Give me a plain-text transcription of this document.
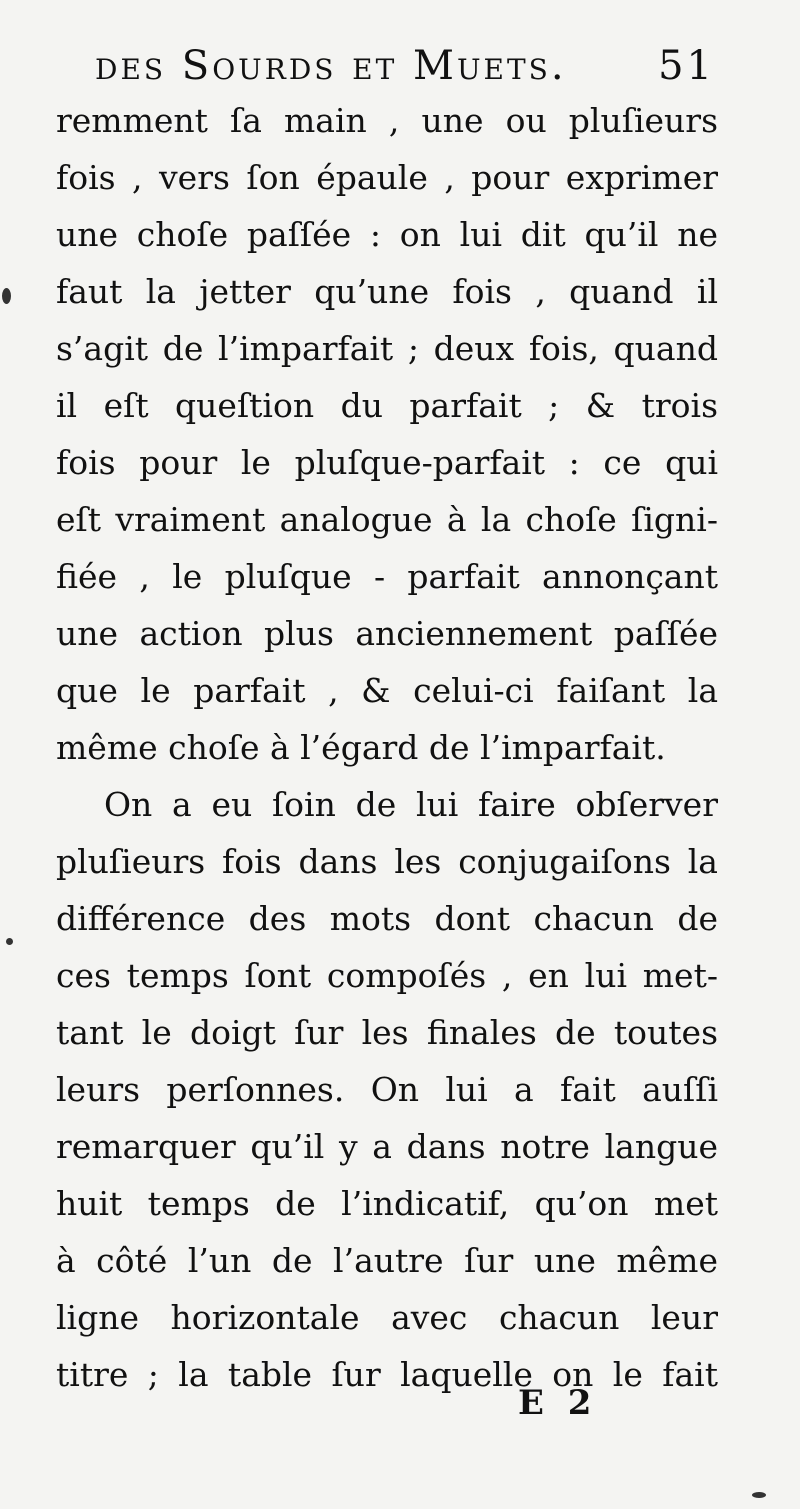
des Sourds et Muets. 51
remment ſa main , une ou pluſieurs
fois , vers ſon épaule , pour exprimer
une choſe paſſée : on lui dit qu’il ne
faut la jetter qu’une fois , quand il
s’agit de l’imparfait ; deux fois, quand
il eſt queſtion du parfait ; & trois
fois pour le pluſque-parfait : ce qui
eſt vraiment analogue à la choſe ſigni-
fiée , le pluſque - parfait annonçant
une action plus anciennement paſſée
que le parfait , & celui-ci faiſant la
même choſe à l’égard de l’imparfait.
On a eu ſoin de lui faire obſerver
pluſieurs fois dans les conjugaiſons la
différence des mots dont chacun de
ces temps ſont compoſés , en lui met-
tant le doigt ſur les finales de toutes
leurs perſonnes. On lui a fait auſſi
remarquer qu’il y a dans notre langue
huit temps de l’indicatif, qu’on met
à côté l’un de l’autre ſur une même
ligne horizontale avec chacun leur
titre ; la table ſur laquelle on le fait
E 2
